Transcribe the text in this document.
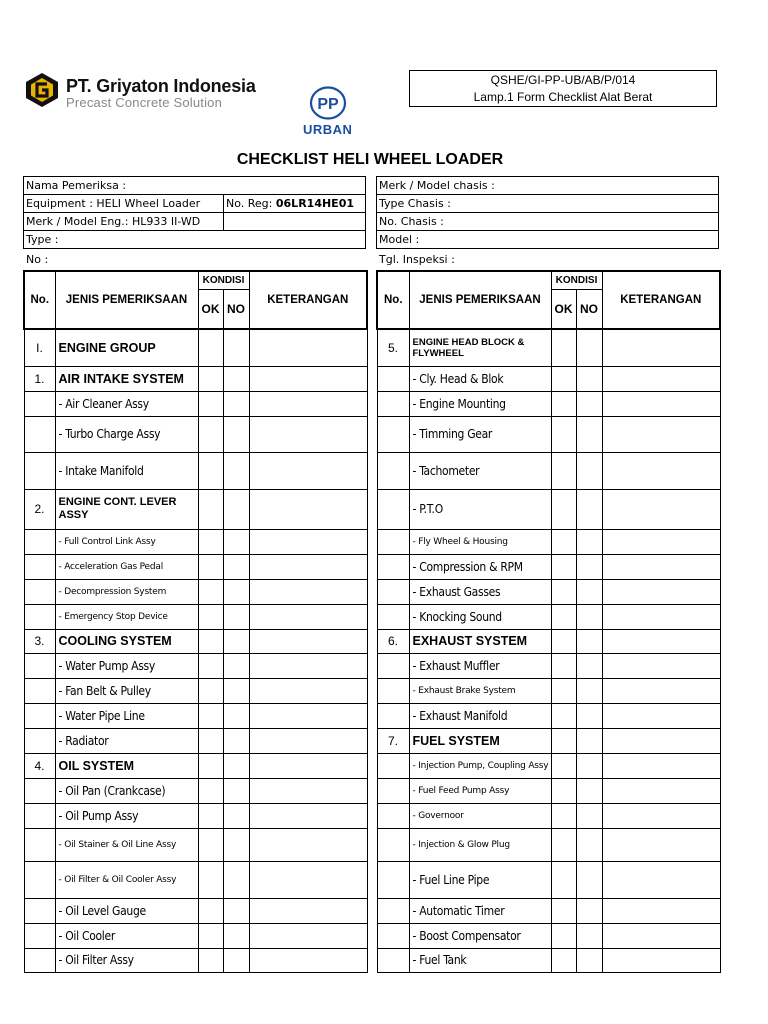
PT. Griyaton Indonesia
Precast Concrete Solution	PP
URBAN
QSHE/GI-PP-UB/AB/P/014
Lamp.1 Form Checklist Alat Berat
CHECKLIST HELI WHEEL LOADER
Nama Pemeriksa :
Equipment : HELI Wheel Loader No. Reg: 06LR14HE01
Merk / Model Eng.: HL933 II-WD
Type :
No :
Merk / Model chasis :
Type Chasis :
No. Chasis :
Model :
Tgl. Inspeksi :
No.	JENIS PEMERIKSAAN	KONDISI		KETERANGAN
		OK	NO	
I.	ENGINE GROUP			
1.	AIR INTAKE SYSTEM			
	- Air Cleaner Assy			
	- Turbo Charge Assy			
	- Intake Manifold			
2.	ENGINE CONT. LEVER ASSY			
	- Full Control Link Assy			
	- Acceleration Gas Pedal			
	- Decompression System			
	- Emergency Stop Device			
3.	COOLING SYSTEM			
	- Water Pump Assy			
	- Fan Belt & Pulley			
	- Water Pipe Line			
	- Radiator			
4.	OIL SYSTEM			
	- Oil Pan (Crankcase)			
	- Oil Pump Assy			
	- Oil Stainer & Oil Line Assy			
	- Oil Filter & Oil Cooler Assy			
	- Oil Level Gauge			
	- Oil Cooler			
	- Oil Filter Assy			
No.	JENIS PEMERIKSAAN	KONDISI		KETERANGAN
		OK	NO	
5.	ENGINE HEAD BLOCK & FLYWHEEL			
	- Cly. Head & Blok			
	- Engine Mounting			
	- Timming Gear			
	- Tachometer			
	- P.T.O			
	- Fly Wheel & Housing			
	- Compression & RPM			
	- Exhaust Gasses			
	- Knocking Sound			
6.	EXHAUST SYSTEM			
	- Exhaust Muffler			
	- Exhaust Brake System			
	- Exhaust Manifold			
7.	FUEL SYSTEM			
	- Injection Pump, Coupling Assy			
	- Fuel Feed Pump Assy			
	- Governoor			
	- Injection & Glow Plug			
	- Fuel Line Pipe			
	- Automatic Timer			
	- Boost Compensator			
	- Fuel Tank			
